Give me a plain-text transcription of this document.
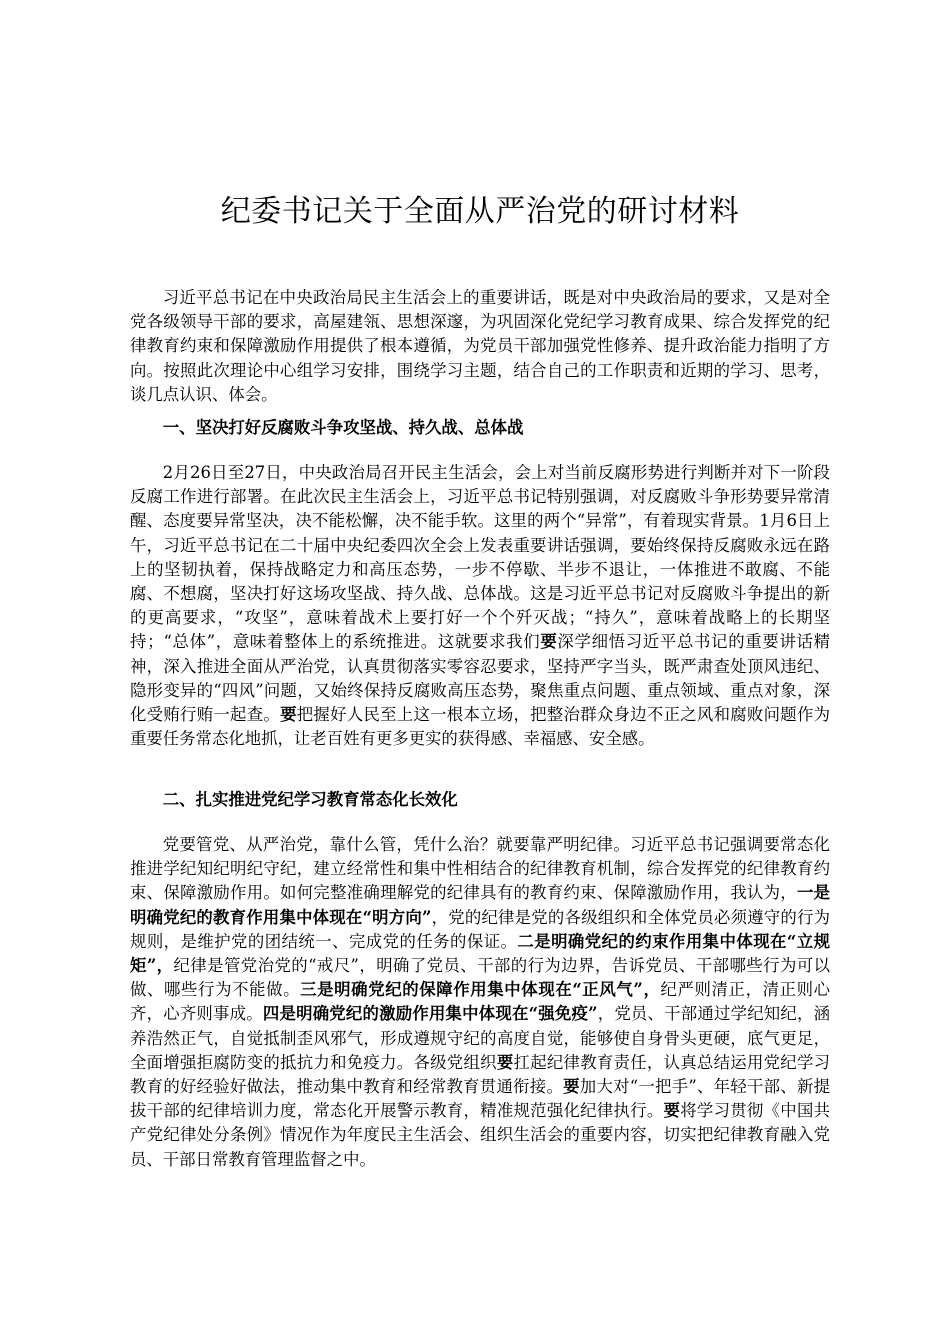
纪委书记关于全面从严治党的研讨材料

习近平总书记在中央政治局民主生活会上的重要讲话，既是对中央政治局的要求，又是对全党各级领导干部的要求，高屋建瓴、思想深邃，为巩固深化党纪学习教育成果、综合发挥党的纪律教育约束和保障激励作用提供了根本遵循，为党员干部加强党性修养、提升政治能力指明了方向。按照此次理论中心组学习安排，围绕学习主题，结合自己的工作职责和近期的学习、思考，谈几点认识、体会。

一、坚决打好反腐败斗争攻坚战、持久战、总体战

2月26日至27日，中央政治局召开民主生活会，会上对当前反腐形势进行判断并对下一阶段反腐工作进行部署。在此次民主生活会上，习近平总书记特别强调，对反腐败斗争形势要异常清醒、态度要异常坚决，决不能松懈，决不能手软。这里的两个“异常”，有着现实背景。1月6日上午，习近平总书记在二十届中央纪委四次全会上发表重要讲话强调，要始终保持反腐败永远在路上的坚韧执着，保持战略定力和高压态势，一步不停歇、半步不退让，一体推进不敢腐、不能腐、不想腐，坚决打好这场攻坚战、持久战、总体战。这是习近平总书记对反腐败斗争提出的新的更高要求，“攻坚”，意味着战术上要打好一个个歼灭战；“持久”，意味着战略上的长期坚持；“总体”，意味着整体上的系统推进。这就要求我们要深学细悟习近平总书记的重要讲话精神，深入推进全面从严治党，认真贯彻落实零容忍要求，坚持严字当头，既严肃查处顶风违纪、隐形变异的“四风”问题，又始终保持反腐败高压态势，聚焦重点问题、重点领域、重点对象，深化受贿行贿一起查。要把握好人民至上这一根本立场，把整治群众身边不正之风和腐败问题作为重要任务常态化地抓，让老百姓有更多更实的获得感、幸福感、安全感。

二、扎实推进党纪学习教育常态化长效化

党要管党、从严治党，靠什么管，凭什么治？就要靠严明纪律。习近平总书记强调要常态化推进学纪知纪明纪守纪，建立经常性和集中性相结合的纪律教育机制，综合发挥党的纪律教育约束、保障激励作用。如何完整准确理解党的纪律具有的教育约束、保障激励作用，我认为，一是明确党纪的教育作用集中体现在“明方向”，党的纪律是党的各级组织和全体党员必须遵守的行为规则，是维护党的团结统一、完成党的任务的保证。二是明确党纪的约束作用集中体现在“立规矩”，纪律是管党治党的“戒尺”，明确了党员、干部的行为边界，告诉党员、干部哪些行为可以做、哪些行为不能做。三是明确党纪的保障作用集中体现在“正风气”，纪严则清正，清正则心齐，心齐则事成。四是明确党纪的激励作用集中体现在“强免疫”，党员、干部通过学纪知纪，涵养浩然正气，自觉抵制歪风邪气，形成遵规守纪的高度自觉，能够使自身骨头更硬，底气更足，全面增强拒腐防变的抵抗力和免疫力。各级党组织要扛起纪律教育责任，认真总结运用党纪学习教育的好经验好做法，推动集中教育和经常教育贯通衔接。要加大对“一把手”、年轻干部、新提拔干部的纪律培训力度，常态化开展警示教育，精准规范强化纪律执行。要将学习贯彻《中国共产党纪律处分条例》情况作为年度民主生活会、组织生活会的重要内容，切实把纪律教育融入党员、干部日常教育管理监督之中。
